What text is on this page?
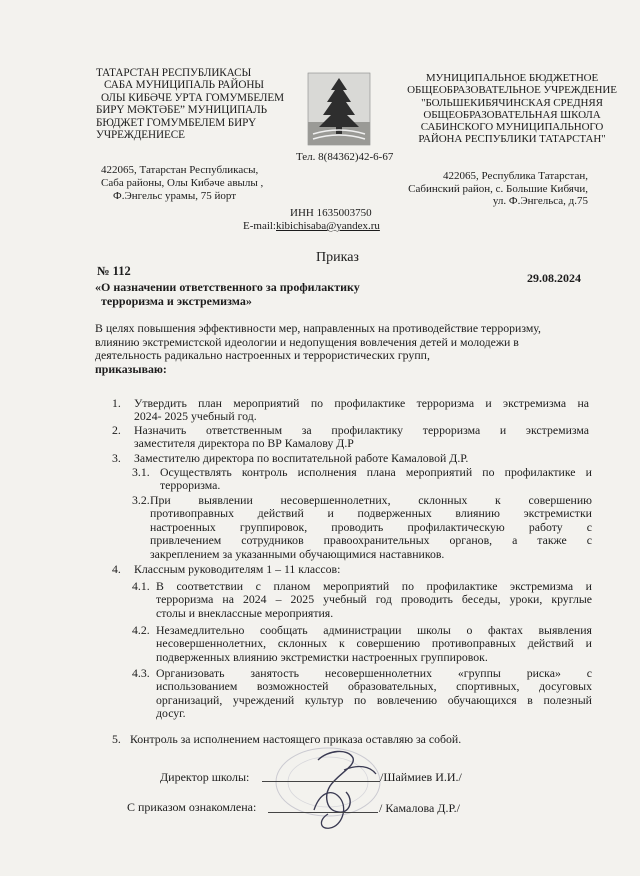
ТАТАРСТАН РЕСПУБЛИКАСЫ
САБА МУНИЦИПАЛЬ РАЙОНЫ
ОЛЫ КИБӘЧЕ УРТА ГОМУМБЕЛЕМ
БИРҮ МӘКТӘБЕ” МУНИЦИПАЛЬ
БЮДЖЕТ ГОМУМБЕЛЕМ БИРҮ
УЧРЕЖДЕНИЕСЕ
МУНИЦИПАЛЬНОЕ БЮДЖЕТНОЕ
ОБЩЕОБРАЗОВАТЕЛЬНОЕ УЧРЕЖДЕНИЕ
"БОЛЬШЕКИБЯЧИНСКАЯ СРЕДНЯЯ
ОБЩЕОБРАЗОВАТЕЛЬНАЯ ШКОЛА
САБИНСКОГО МУНИЦИПАЛЬНОГО
РАЙОНА РЕСПУБЛИКИ ТАТАРСТАН"
Тел. 8(84362)42-6-67
422065, Татарстан Республикасы,
Саба районы, Олы Кибәче авылы ,
Ф.Энгельс урамы, 75 йорт
422065, Республика Татарстан,
Сабинский район, с. Большие Кибячи,
ул. Ф.Энгельса, д.75
ИНН 1635003750
E-mail:kibichisaba@yandex.ru
Приказ
№ 112	29.08.2024
«О назначении ответственного за профилактику
терроризма и экстремизма»
В целях повышения эффективности мер, направленных на противодействие терроризму,
влиянию экстремистской идеологии и недопущения вовлечения детей и молодежи в
деятельность радикально настроенных и террористических групп,
приказываю:
1. Утвердить план мероприятий по профилактике терроризма и экстремизма на
2024- 2025 учебный год.
2. Назначить ответственным за профилактику терроризма и экстремизма
заместителя директора по ВР Камалову Д.Р
3. Заместителю директора по воспитательной работе Камаловой Д.Р.
3.1. Осуществлять контроль исполнения плана мероприятий по профилактике и
терроризма.
3.2. При выявлении несовершеннолетних, склонных к совершению
противоправных действий и подверженных влиянию экстремистки
настроенных группировок, проводить профилактическую работу с
привлечением сотрудников правоохранительных органов, а также с
закреплением за указанными обучающимися наставников.
4. Классным руководителям 1 – 11 классов:
4.1. В соответствии с планом мероприятий по профилактике экстремизма и
терроризма на 2024 – 2025 учебный год проводить беседы, уроки, круглые
столы и внеклассные мероприятия.
4.2. Незамедлительно сообщать администрации школы о фактах выявления
несовершеннолетних, склонных к совершению противоправных действий и
подверженных влиянию экстремистки настроенных группировок.
4.3. Организовать занятость несовершеннолетних «группы риска» с
использованием возможностей образовательных, спортивных, досуговых
организаций, учреждений культур по вовлечению обучающихся в полезный
досуг.
5. Контроль за исполнением настоящего приказа оставляю за собой.
Директор школы:	/Шаймиев И.И./
С приказом ознакомлена:	/ Камалова Д.Р./
